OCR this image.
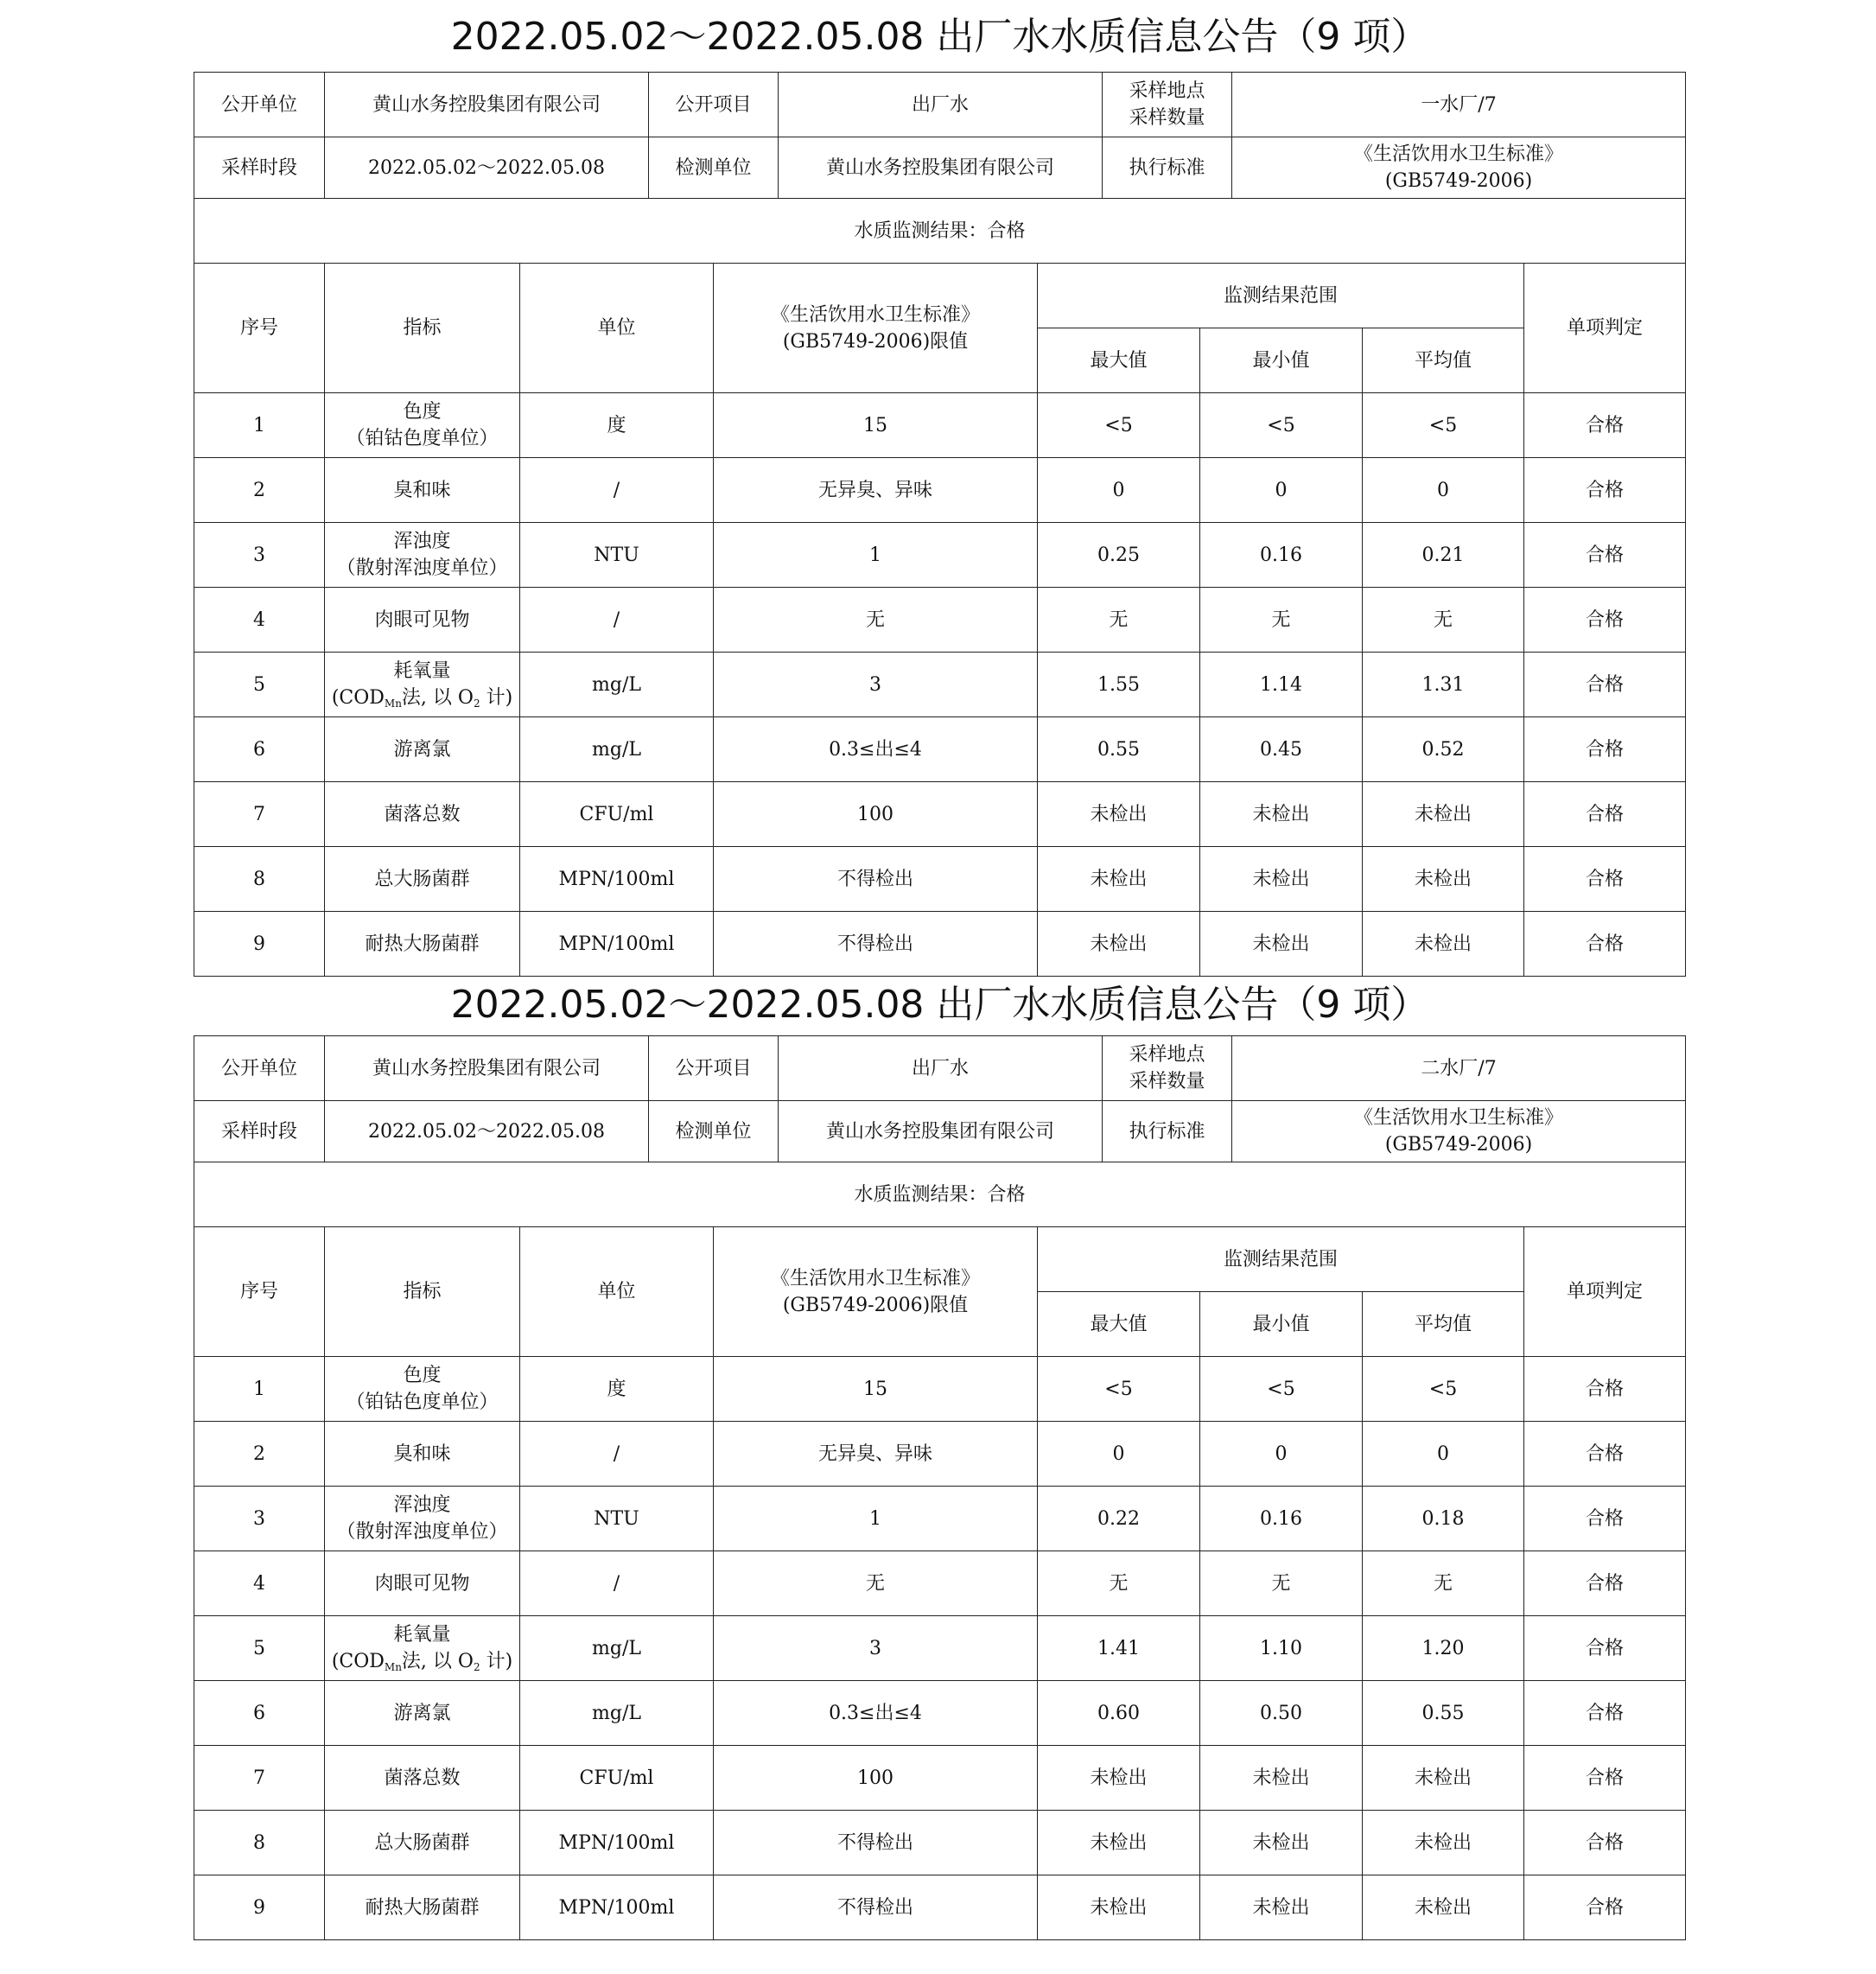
2022.05.02～2022.05.08 出厂水水质信息公告（9 项）
公开单位	黄山水务控股集团有限公司	公开项目	出厂水	采样地点
采样数量	一水厂/7
采样时段	2022.05.02～2022.05.08	检测单位	黄山水务控股集团有限公司	执行标准	《生活饮用水卫生标准》
(GB5749-2006)

水质监测结果：合格					
序号	指标	单位	《生活饮用水卫生标准》
(GB5749-2006)限值	监测结果范围			单项判定
				最大值	最小值	平均值	
1	色度
（铂钴色度单位）	度	15	<5	<5	<5	合格
2	臭和味	/	无异臭、异味	0	0	0	合格
3	浑浊度
（散射浑浊度单位）	NTU	1	0.25	0.16	0.21	合格
4	肉眼可见物	/	无	无	无	无	合格
5	耗氧量
($COD_{Mn}$法, 以 $O_2$ 计)	mg/L	3	1.55	1.14	1.31	合格
6	游离氯	mg/L	0.3≤出≤4	0.55	0.45	0.52	合格
7	菌落总数	CFU/ml	100	未检出	未检出	未检出	合格
8	总大肠菌群	MPN/100ml	不得检出	未检出	未检出	未检出	合格
9	耐热大肠菌群	MPN/100ml	不得检出	未检出	未检出	未检出	合格
2022.05.02～2022.05.08 出厂水水质信息公告（9 项）
公开单位	黄山水务控股集团有限公司	公开项目	出厂水	采样地点
采样数量	二水厂/7
采样时段	2022.05.02～2022.05.08	检测单位	黄山水务控股集团有限公司	执行标准	《生活饮用水卫生标准》
(GB5749-2006)

水质监测结果：合格					
序号	指标	单位	《生活饮用水卫生标准》
(GB5749-2006)限值	监测结果范围			单项判定
				最大值	最小值	平均值	
1	色度
（铂钴色度单位）	度	15	<5	<5	<5	合格
2	臭和味	/	无异臭、异味	0	0	0	合格
3	浑浊度
（散射浑浊度单位）	NTU	1	0.22	0.16	0.18	合格
4	肉眼可见物	/	无	无	无	无	合格
5	耗氧量
($COD_{Mn}$法, 以 $O_2$ 计)	mg/L	3	1.41	1.10	1.20	合格
6	游离氯	mg/L	0.3≤出≤4	0.60	0.50	0.55	合格
7	菌落总数	CFU/ml	100	未检出	未检出	未检出	合格
8	总大肠菌群	MPN/100ml	不得检出	未检出	未检出	未检出	合格
9	耐热大肠菌群	MPN/100ml	不得检出	未检出	未检出	未检出	合格
